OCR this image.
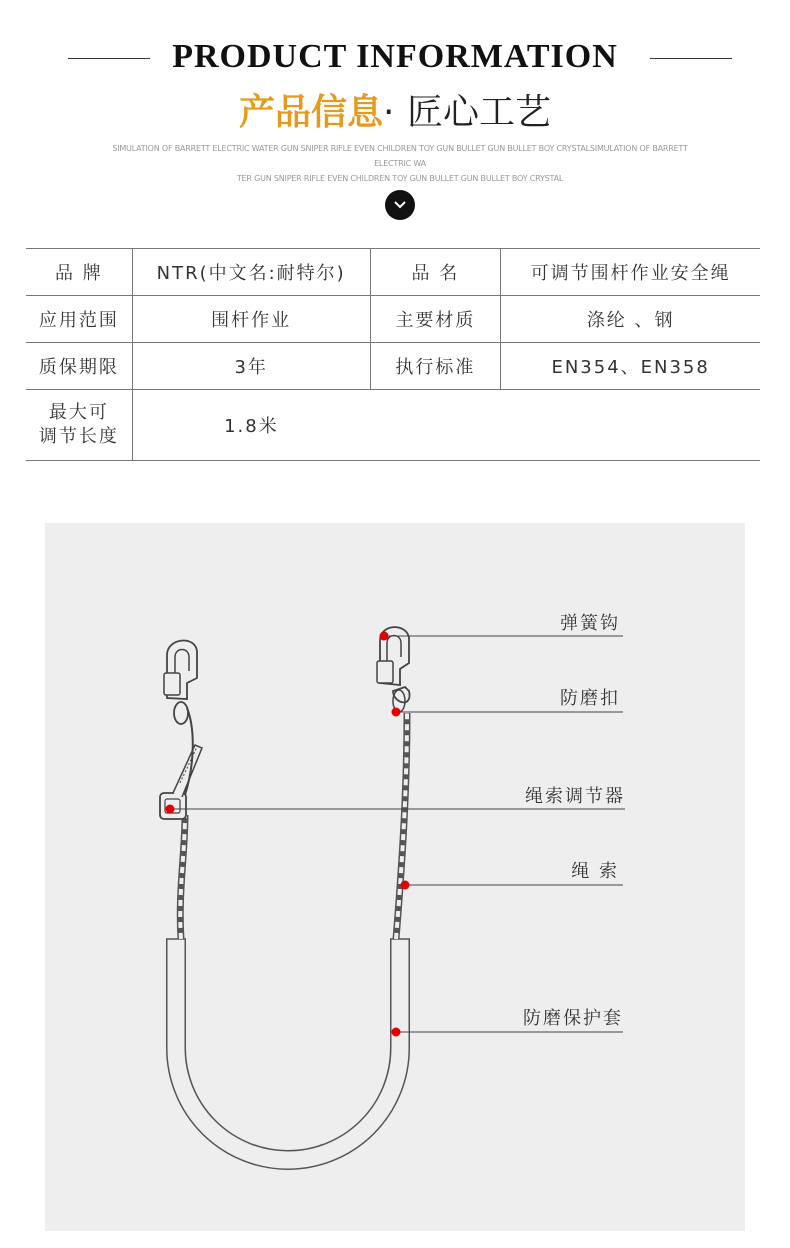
PRODUCT INFORMATION
产品信息· 匠心工艺
SIMULATION OF BARRETT ELECTRIC WATER GUN SNIPER RIFLE EVEN CHILDREN TOY GUN BULLET GUN BULLET BOY CRYSTALSIMULATION OF BARRETT ELECTRIC WA
TER GUN SNIPER RIFLE EVEN CHILDREN TOY GUN BULLET GUN BULLET BOY CRYSTAL
品 牌	NTR(中文名:耐特尔)	品 名	可调节围杆作业安全绳
应用范围	围杆作业	主要材质	涤纶 、钢
质保期限	3年	执行标准	EN354、EN358
最大可
调节长度	1.8米		
弹簧钩
防磨扣
绳索调节器
绳 索
防磨保护套
